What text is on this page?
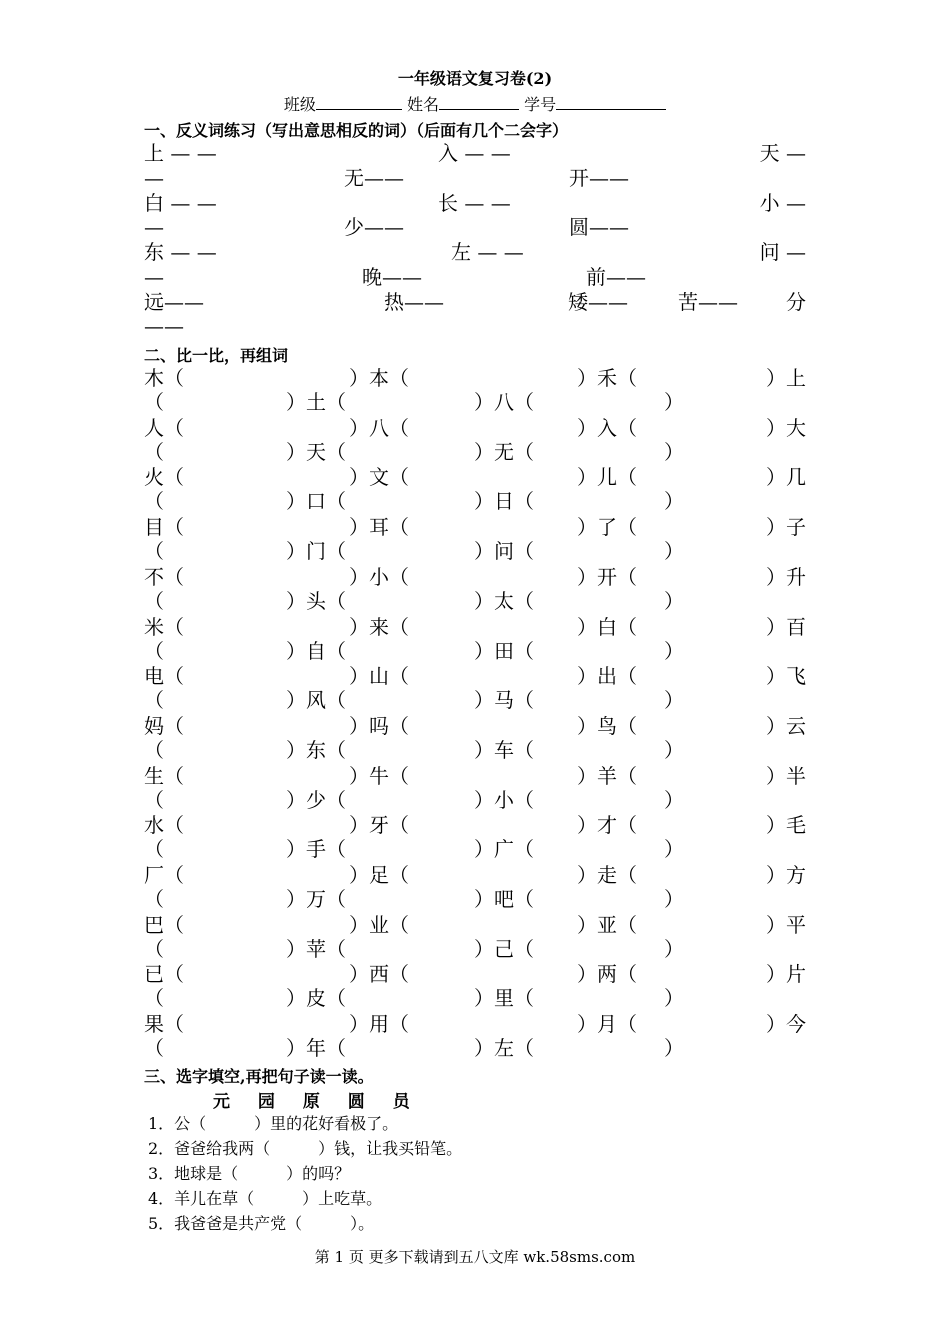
一年级语文复习卷(2)
班级	姓名	学号
一、反义词练习（写出意思相反的词）（后面有几个二会字）
上 — —	入 — —	天 —
—	无——	开——
白 — —	长 — —	小 —
—	少——	圆——
东 — —	左 — —	问 —
—	晚——	前——
远——	热——	矮——	苦—— 分
——
二、比一比，再组词
木（	）本（	）禾（	）上
（	）土（	）八（	）
人（	）八（	）入（	）大
（	）天（	）无（	）
火（	）文（	）儿（	）几
（	）口（	）日（	）
目（	）耳（	）了（	）子
（	）门（	）问（	）
不（	）小（	）开（	）升
（	）头（	）太（	）
米（	）来（	）白（	）百
（	）自（	）田（	）
电（	）山（	）出（	）飞
（	）风（	）马（	）
妈（	）吗（	）鸟（	）云
（	）东（	）车（	）
生（	）牛（	）羊（	）半
（	）少（	）小（	）
水（	）牙（	）才（	）毛
（	）手（	）广（	）
厂（	）足（	）走（	）方
（	）万（	）吧（	）
巴（	）业（	）亚（	）平
（	）苹（	）己（	）
已（	）西（	）两（	）片
（	）皮（	）里（	）
果（	）用（	）月（	）今
（	）年（	）左（	）
三、选字填空,再把句子读一读。
元 园 原 圆 员
1．公（　　　）里的花好看极了。
2．爸爸给我两（　　　）钱，让我买铅笔。
3．地球是（　　　）的吗？
4．羊儿在草（　　　）上吃草。
5．我爸爸是共产党（　　　）。
第 1 页 更多下载请到五八文库 wk.58sms.com
